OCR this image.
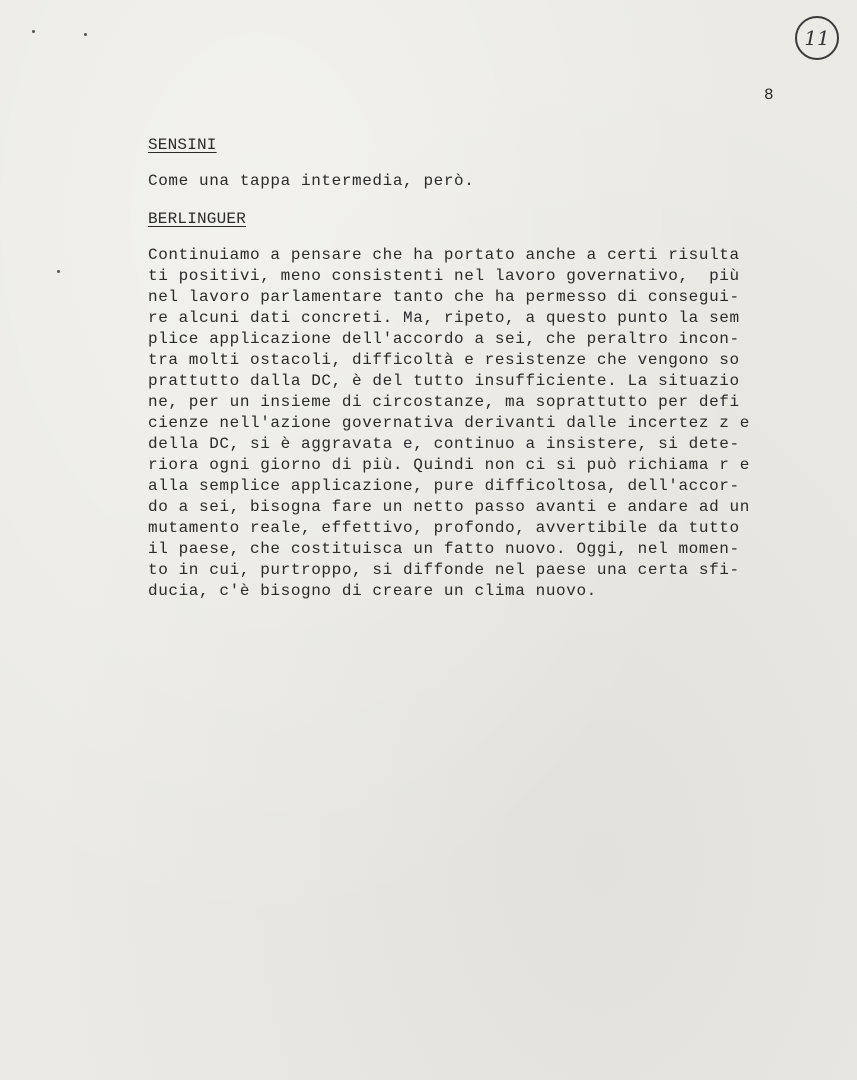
11
8
SENSINI
Come una tappa intermedia, però.
BERLINGUER
Continuiamo a pensare che ha portato anche a certi risulta
ti positivi, meno consistenti nel lavoro governativo,  più
nel lavoro parlamentare tanto che ha permesso di consegui-
re alcuni dati concreti. Ma, ripeto, a questo punto la sem
plice applicazione dell'accordo a sei, che peraltro incon-
tra molti ostacoli, difficoltà e resistenze che vengono so
prattutto dalla DC, è del tutto insufficiente. La situazio
ne, per un insieme di circostanze, ma soprattutto per defi
cienze nell'azione governativa derivanti dalle incertez z e
della DC, si è aggravata e, continuo a insistere, si dete-
riora ogni giorno di più. Quindi non ci si può richiama r e
alla semplice applicazione, pure difficoltosa, dell'accor-
do a sei, bisogna fare un netto passo avanti e andare ad un
mutamento reale, effettivo, profondo, avvertibile da tutto
il paese, che costituisca un fatto nuovo. Oggi, nel momen-
to in cui, purtroppo, si diffonde nel paese una certa sfi-
ducia, c'è bisogno di creare un clima nuovo.
